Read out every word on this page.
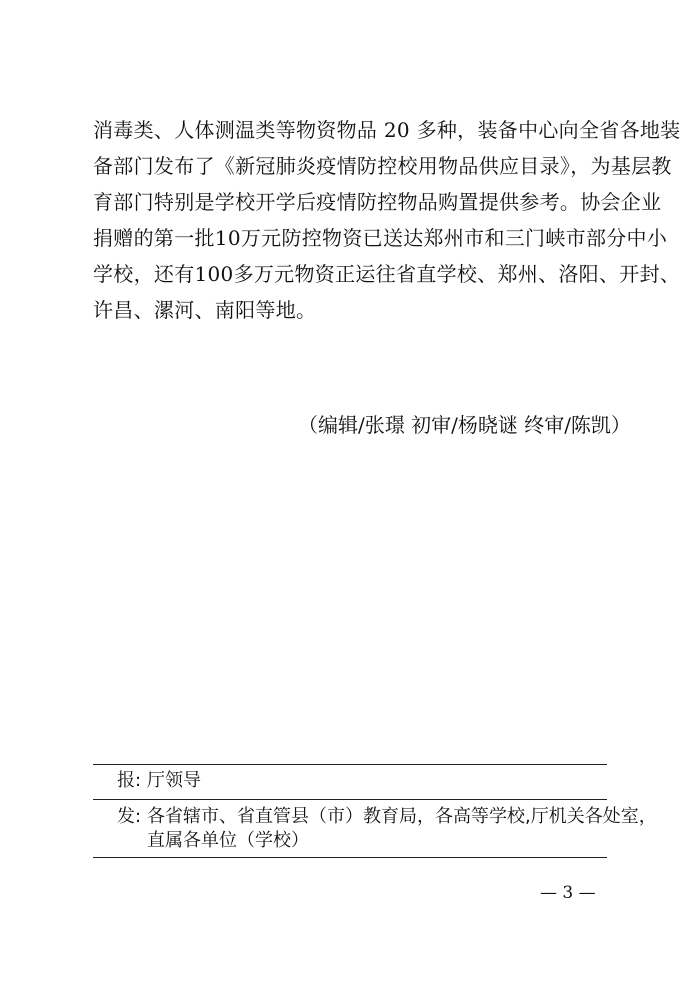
消毒类、人体测温类等物资物品 20 多种，装备中心向全省各地装
备部门发布了《新冠肺炎疫情防控校用物品供应目录》，为基层教
育部门特别是学校开学后疫情防控物品购置提供参考。协会企业
捐赠的第一批10万元防控物资已送达郑州市和三门峡市部分中小
学校，还有100多万元物资正运往省直学校、郑州、洛阳、开封、
许昌、漯河、南阳等地。
（编辑/张璟 初审/杨晓谜 终审/陈凯）
报: 厅领导
发: 各省辖市、省直管县（市）教育局，各高等学校,厅机关各处室，
直属各单位（学校）
— 3 —
